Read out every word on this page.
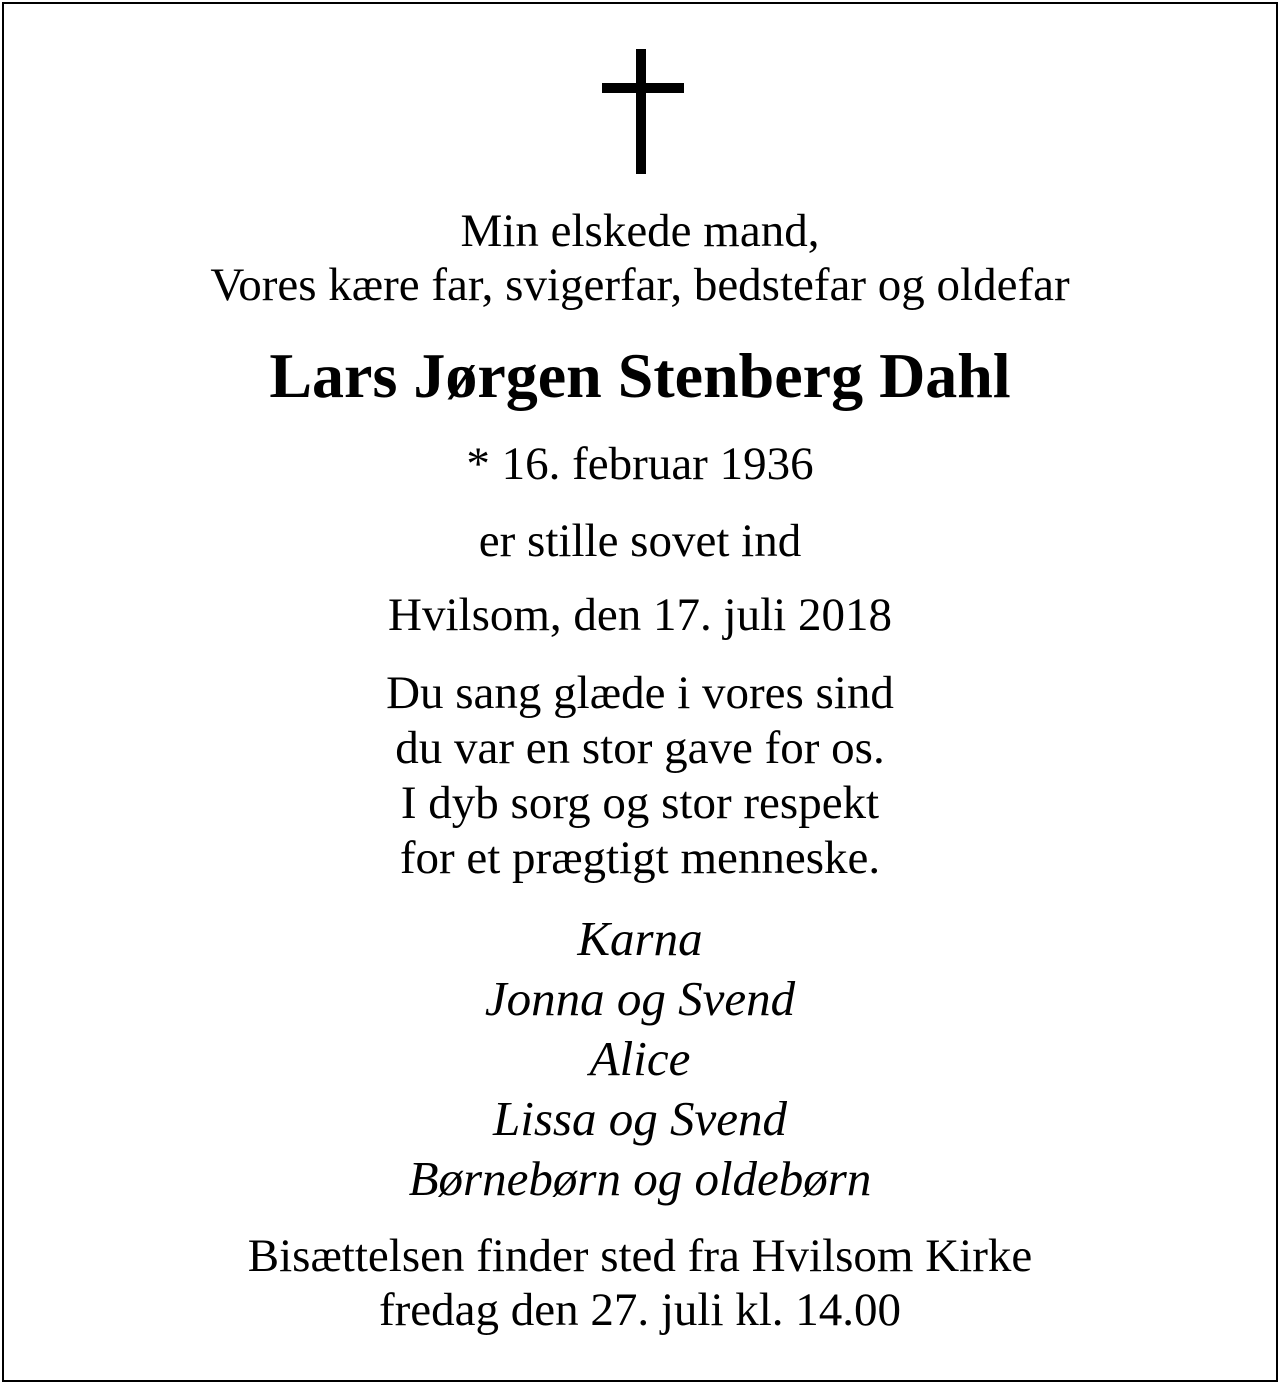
Min elskede mand,
Vores kære far, svigerfar, bedstefar og oldefar
Lars Jørgen Stenberg Dahl
* 16. februar 1936
er stille sovet ind
Hvilsom, den 17. juli 2018
Du sang glæde i vores sind
du var en stor gave for os.
I dyb sorg og stor respekt
for et prægtigt menneske.
Karna
Jonna og Svend
Alice
Lissa og Svend
Børnebørn og oldebørn
Bisættelsen finder sted fra Hvilsom Kirke
fredag den 27. juli kl. 14.00
